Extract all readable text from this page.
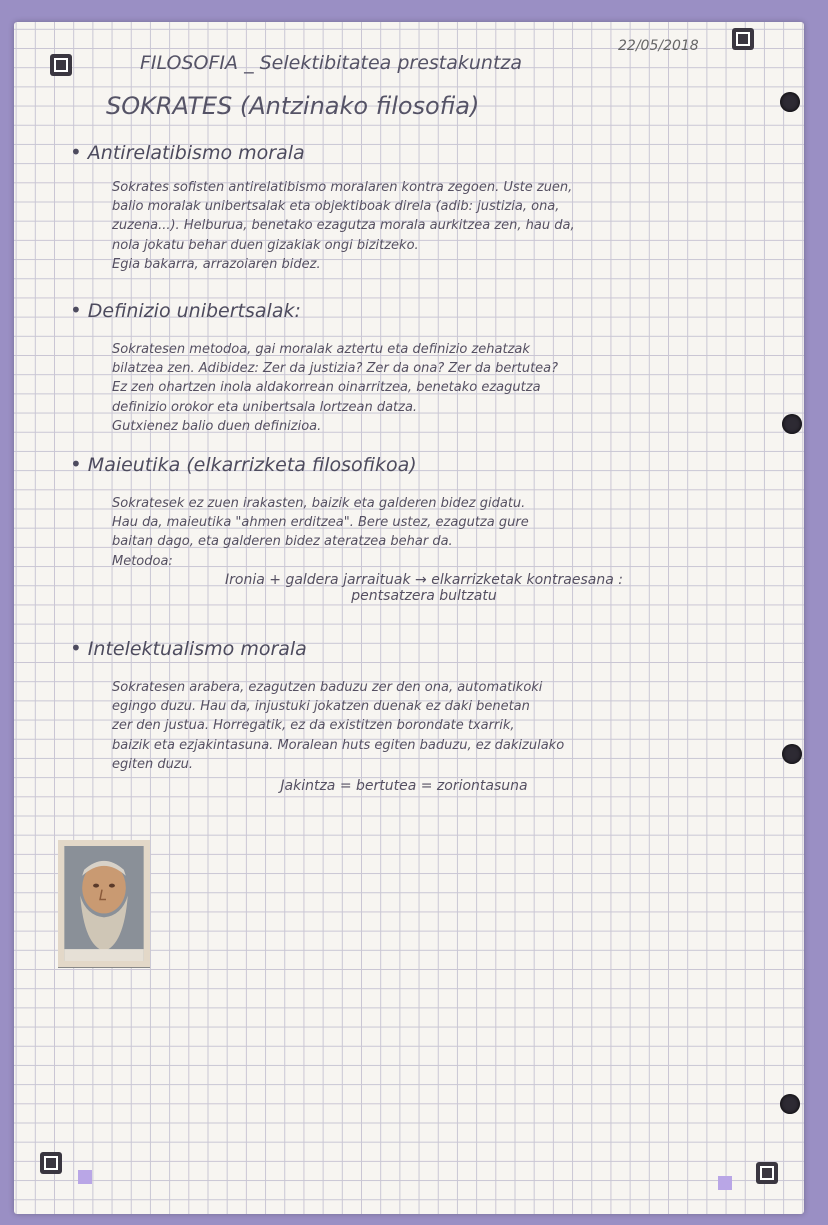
FILOSOFIA _ Selektibitatea prestakuntza
22/05/2018
SOKRATES (Antzinako filosofia)
• Antirelatibismo morala
Sokrates sofisten antirelatibismo moralaren kontra zegoen. Uste zuen,
balio moralak unibertsalak eta objektiboak direla (adib: justizia, ona,
zuzena...). Helburua, benetako ezagutza morala aurkitzea zen, hau da,
nola jokatu behar duen gizakiak ongi bizitzeko.
Egia bakarra, arrazoiaren bidez.
• Definizio unibertsalak:
Sokratesen metodoa, gai moralak aztertu eta definizio zehatzak
bilatzea zen. Adibidez: Zer da justizia? Zer da ona? Zer da bertutea?
Ez zen ohartzen inola aldakorrean oinarritzea, benetako ezagutza
definizio orokor eta unibertsala lortzean datza.
Gutxienez balio duen definizioa.
• Maieutika (elkarrizketa filosofikoa)
Sokratesek ez zuen irakasten, baizik eta galderen bidez gidatu.
Hau da, maieutika "ahmen erditzea". Bere ustez, ezagutza gure
baitan dago, eta galderen bidez ateratzea behar da.
Metodoa:
Ironia + galdera jarraituak → elkarrizketak kontraesana :
pentsatzera bultzatu
• Intelektualismo morala
Sokratesen arabera, ezagutzen baduzu zer den ona, automatikoki
egingo duzu. Hau da, injustuki jokatzen duenak ez daki benetan
zer den justua. Horregatik, ez da existitzen borondate txarrik,
baizik eta ezjakintasuna. Moralean huts egiten baduzu, ez dakizulako
egiten duzu.
Jakintza = bertutea = zoriontasuna
